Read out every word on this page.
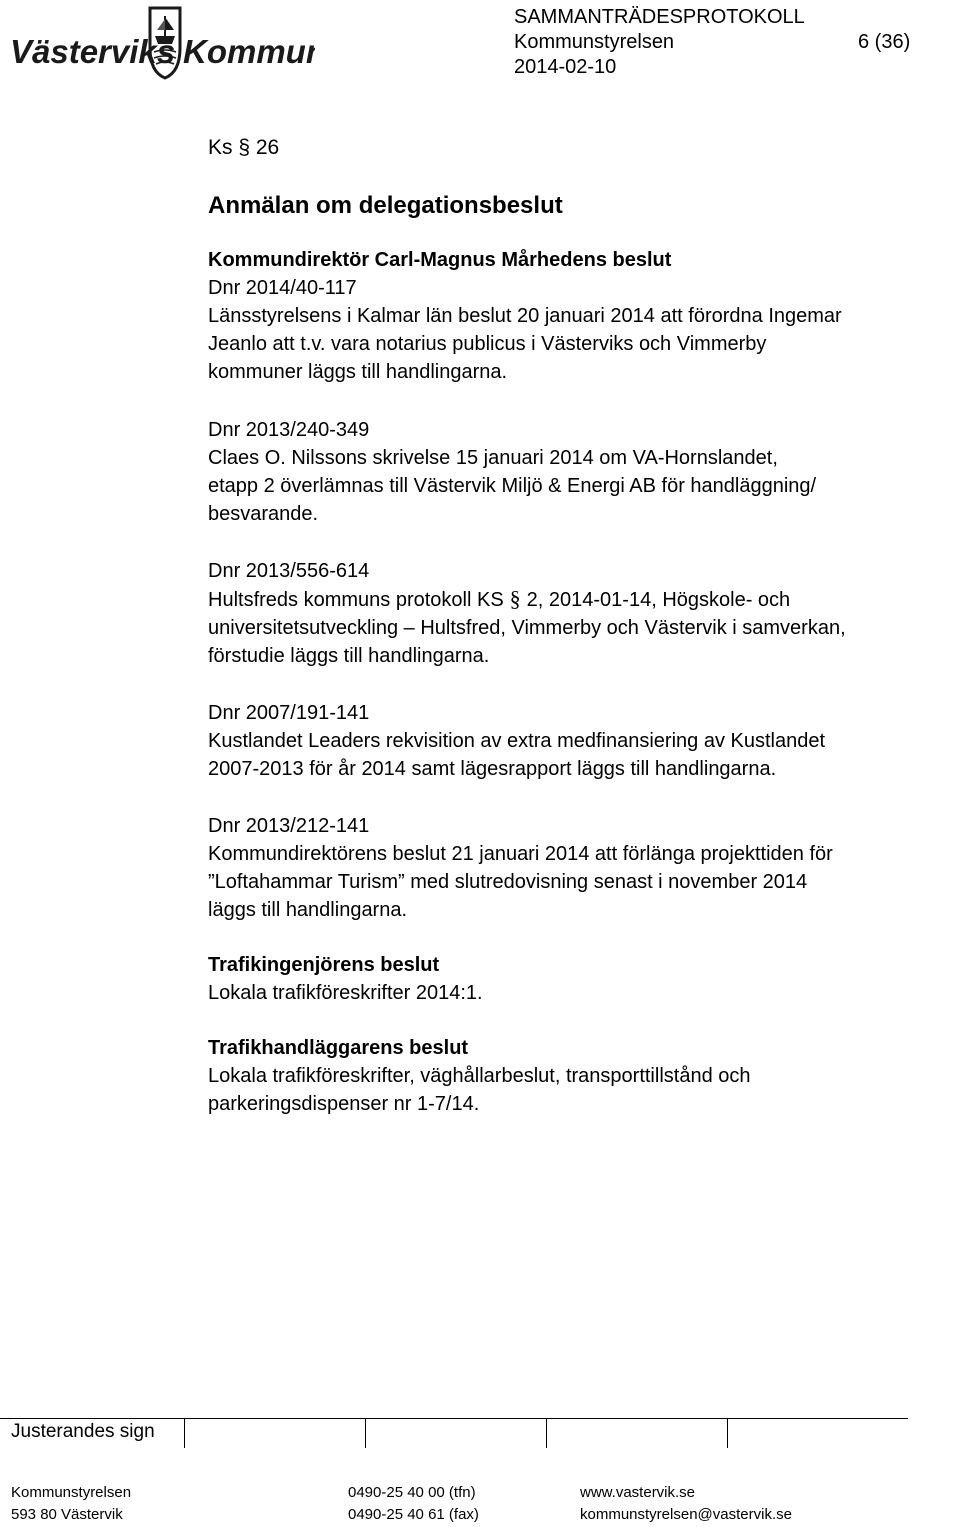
Västerviks Kommun
SAMMANTRÄDESPROTOKOLL
Kommunstyrelsen	6 (36)
2014-02-10

Ks § 26

Anmälan om delegationsbeslut

Kommundirektör Carl-Magnus Mårhedens beslut

Dnr 2014/40-117

Länsstyrelsens i Kalmar län beslut 20 januari 2014 att förordna Ingemar

Jeanlo att t.v. vara notarius publicus i Västerviks och Vimmerby

kommuner läggs till handlingarna.

Dnr 2013/240-349

Claes O. Nilssons skrivelse 15 januari 2014 om VA-Hornslandet,

etapp 2 överlämnas till Västervik Miljö & Energi AB för handläggning/

besvarande.

Dnr 2013/556-614

Hultsfreds kommuns protokoll KS § 2, 2014-01-14, Högskole- och

universitetsutveckling – Hultsfred, Vimmerby och Västervik i samverkan,

förstudie läggs till handlingarna.

Dnr 2007/191-141

Kustlandet Leaders rekvisition av extra medfinansiering av Kustlandet

2007-2013 för år 2014 samt lägesrapport läggs till handlingarna.

Dnr 2013/212-141

Kommundirektörens beslut 21 januari 2014 att förlänga projekttiden för

”Loftahammar Turism” med slutredovisning senast i november 2014

läggs till handlingarna.

Trafikingenjörens beslut

Lokala trafikföreskrifter 2014:1.

Trafikhandläggarens beslut

Lokala trafikföreskrifter, väghållarbeslut, transporttillstånd och

parkeringsdispenser nr 1-7/14.

Justerandes sign
Kommunstyrelsen
593 80 Västervik
0490-25 40 00 (tfn)
0490-25 40 61 (fax)
www.vastervik.se
kommunstyrelsen@vastervik.se
